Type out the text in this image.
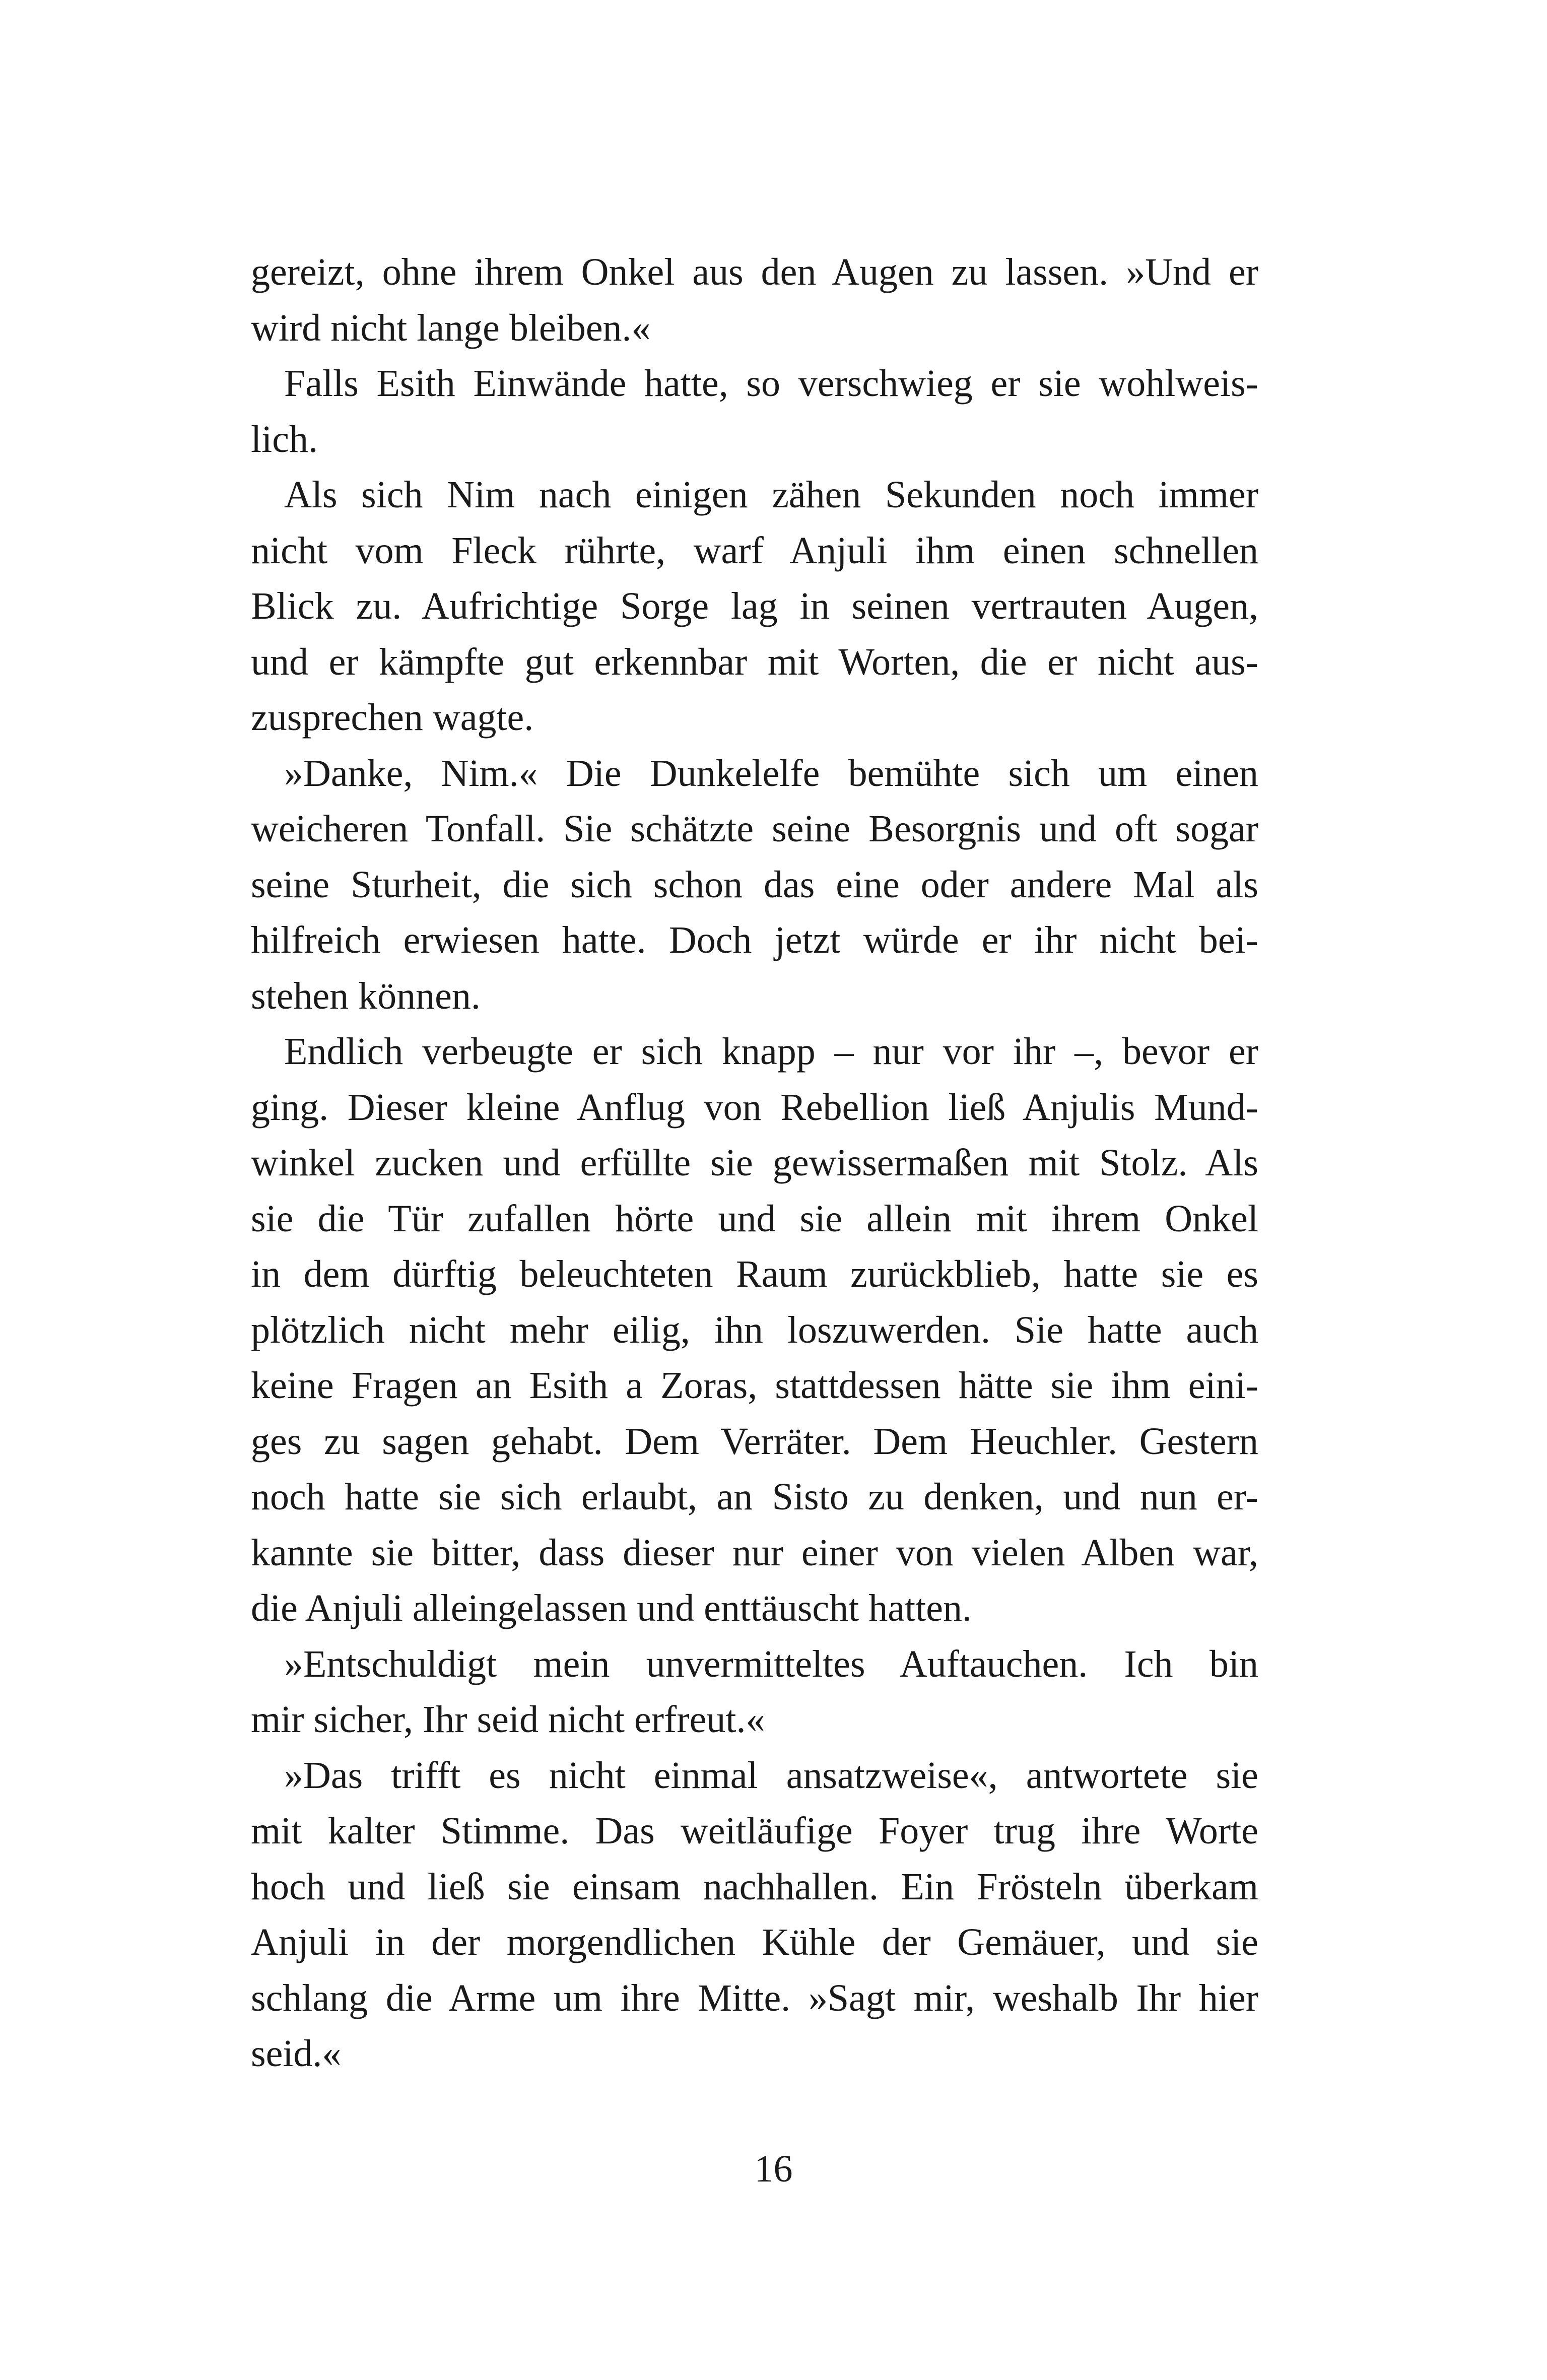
gereizt, ohne ihrem Onkel aus den Augen zu lassen. »Und er
wird nicht lange bleiben.«
Falls Esith Einwände hatte, so verschwieg er sie wohlweis-
lich.
Als sich Nim nach einigen zähen Sekunden noch immer
nicht vom Fleck rührte, warf Anjuli ihm einen schnellen
Blick zu. Aufrichtige Sorge lag in seinen vertrauten Augen,
und er kämpfte gut erkennbar mit Worten, die er nicht aus-
zusprechen wagte.
»Danke, Nim.« Die Dunkelelfe bemühte sich um einen
weicheren Tonfall. Sie schätzte seine Besorgnis und oft sogar
seine Sturheit, die sich schon das eine oder andere Mal als
hilfreich erwiesen hatte. Doch jetzt würde er ihr nicht bei-
stehen können.
Endlich verbeugte er sich knapp – nur vor ihr –, bevor er
ging. Dieser kleine Anflug von Rebellion ließ Anjulis Mund-
winkel zucken und erfüllte sie gewissermaßen mit Stolz. Als
sie die Tür zufallen hörte und sie allein mit ihrem Onkel
in dem dürftig beleuchteten Raum zurückblieb, hatte sie es
plötzlich nicht mehr eilig, ihn loszuwerden. Sie hatte auch
keine Fragen an Esith a Zoras, stattdessen hätte sie ihm eini-
ges zu sagen gehabt. Dem Verräter. Dem Heuchler. Gestern
noch hatte sie sich erlaubt, an Sisto zu denken, und nun er-
kannte sie bitter, dass dieser nur einer von vielen Alben war,
die Anjuli alleingelassen und enttäuscht hatten.
»Entschuldigt mein unvermitteltes Auftauchen. Ich bin
mir sicher, Ihr seid nicht erfreut.«
»Das trifft es nicht einmal ansatzweise«, antwortete sie
mit kalter Stimme. Das weitläufige Foyer trug ihre Worte
hoch und ließ sie einsam nachhallen. Ein Frösteln überkam
Anjuli in der morgendlichen Kühle der Gemäuer, und sie
schlang die Arme um ihre Mitte. »Sagt mir, weshalb Ihr hier
seid.«
16
